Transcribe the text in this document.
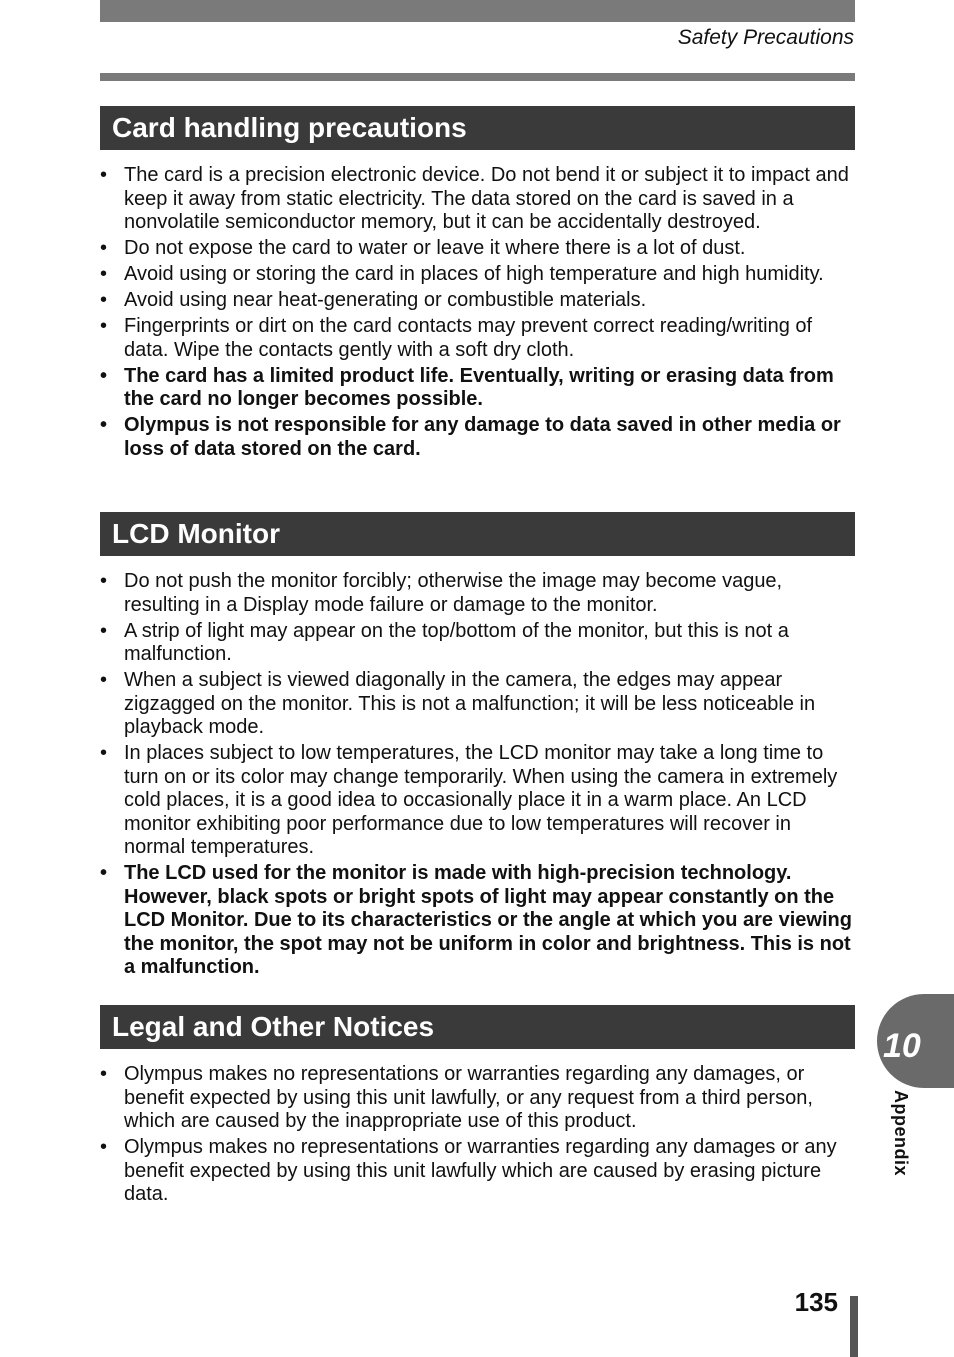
Safety Precautions
Card handling precautions
• The card is a precision electronic device. Do not bend it or subject it to impact and keep it away from static electricity. The data stored on the card is saved in a nonvolatile semiconductor memory, but it can be accidentally destroyed.
• Do not expose the card to water or leave it where there is a lot of dust.
• Avoid using or storing the card in places of high temperature and high humidity.
• Avoid using near heat-generating or combustible materials.
• Fingerprints or dirt on the card contacts may prevent correct reading/writing of data. Wipe the contacts gently with a soft dry cloth.
• The card has a limited product life. Eventually, writing or erasing data from the card no longer becomes possible.
• Olympus is not responsible for any damage to data saved in other media or loss of data stored on the card.
LCD Monitor
• Do not push the monitor forcibly; otherwise the image may become vague, resulting in a Display mode failure or damage to the monitor.
• A strip of light may appear on the top/bottom of the monitor, but this is not a malfunction.
• When a subject is viewed diagonally in the camera, the edges may appear zigzagged on the monitor. This is not a malfunction; it will be less noticeable in playback mode.
• In places subject to low temperatures, the LCD monitor may take a long time to turn on or its color may change temporarily. When using the camera in extremely cold places, it is a good idea to occasionally place it in a warm place. An LCD monitor exhibiting poor performance due to low temperatures will recover in normal temperatures.
• The LCD used for the monitor is made with high-precision technology. However, black spots or bright spots of light may appear constantly on the LCD Monitor. Due to its characteristics or the angle at which you are viewing the monitor, the spot may not be uniform in color and brightness. This is not a malfunction.
Legal and Other Notices
• Olympus makes no representations or warranties regarding any damages, or benefit expected by using this unit lawfully, or any request from a third person, which are caused by the inappropriate use of this product.
• Olympus makes no representations or warranties regarding any damages or any benefit expected by using this unit lawfully which are caused by erasing picture data.
10
Appendix
135
